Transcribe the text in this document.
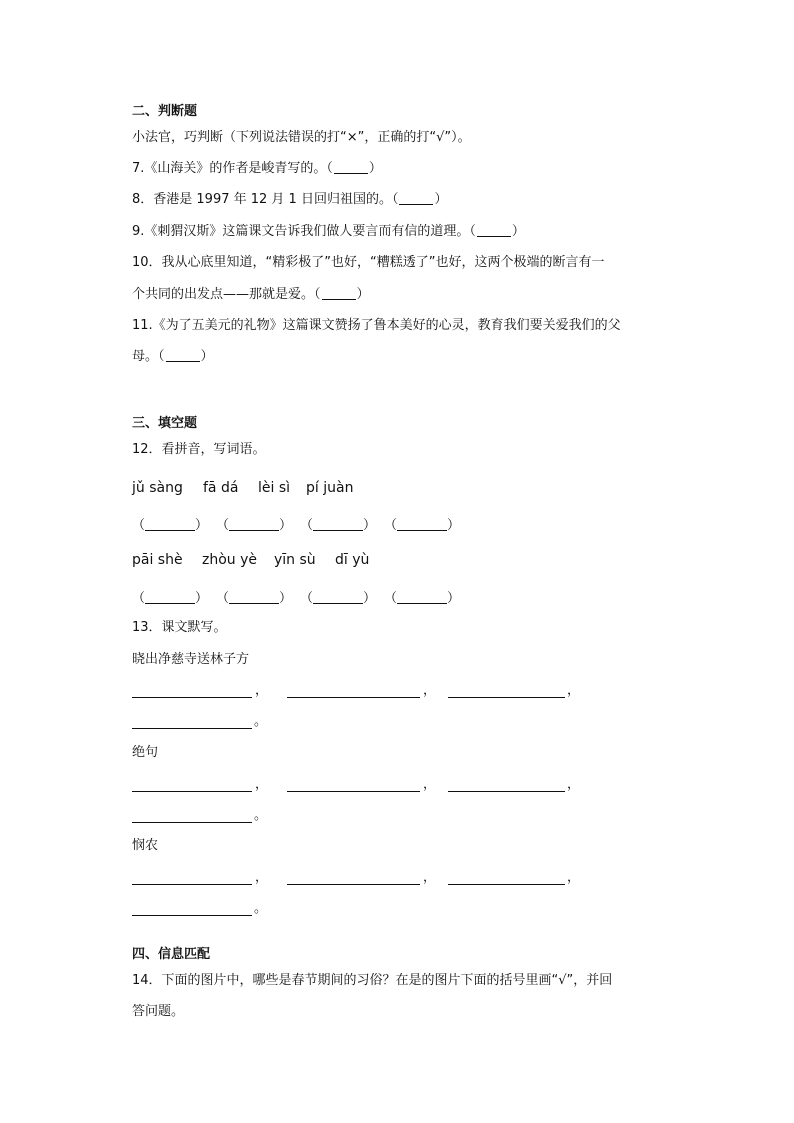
二、判断题
小法官，巧判断（下列说法错误的打“×”，正确的打“√”）。
7.《山海关》的作者是峻青写的。（	）
8．香港是 1997 年 12 月 1 日回归祖国的。（	）
9.《刺猬汉斯》这篇课文告诉我们做人要言而有信的道理。（	）
10．我从心底里知道，“精彩极了”也好，“糟糕透了”也好，这两个极端的断言有一
个共同的出发点——那就是爱。（	）
11.《为了五美元的礼物》这篇课文赞扬了鲁本美好的心灵，教育我们要关爱我们的父
母。（	）
三、填空题
12．看拼音，写词语。
jǔ sàng fā dá lèi sì pí juàn
（	） （	） （	） （	）
pāi shè zhòu yè yīn sù dī yù
（	） （	） （	） （	）
13．课文默写。
晓出净慈寺送林子方
，	，	，
。
绝句
，	，	，
。
悯农
，	，	，
。
四、信息匹配
14．下面的图片中，哪些是春节期间的习俗？在是的图片下面的括号里画“√”，并回
答问题。
